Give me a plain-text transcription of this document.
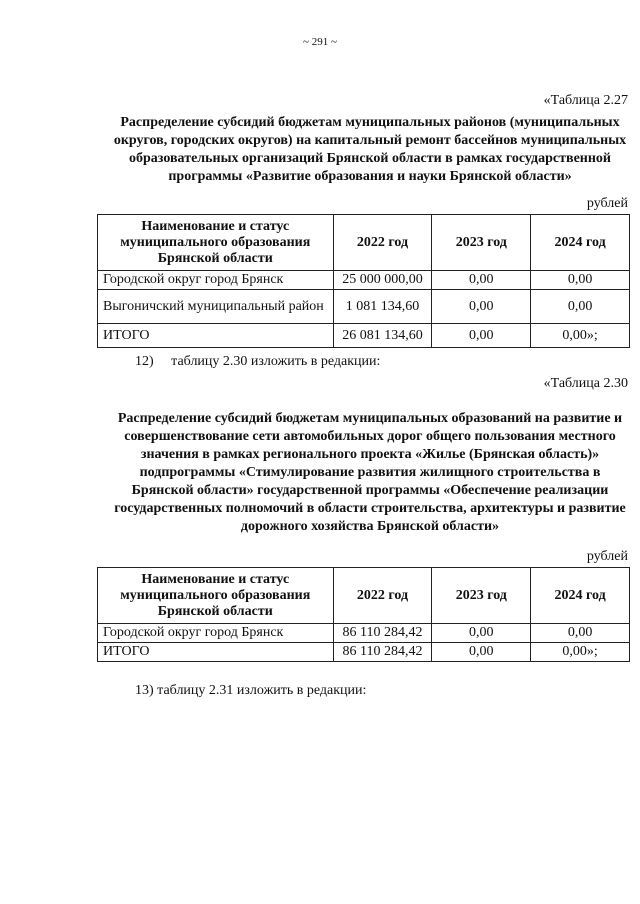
~ 291 ~
«Таблица 2.27
Распределение субсидий бюджетам муниципальных районов (муниципальных округов, городских округов) на капитальный ремонт бассейнов муниципальных образовательных организаций Брянской области в рамках государственной программы «Развитие образования и науки Брянской области»
рублей
Наименование и статус муниципального образования Брянской области	2022 год	2023 год	2024 год
Городской округ город Брянск	25 000 000,00	0,00	0,00
Выгоничский муниципальный район	1 081 134,60	0,00	0,00
ИТОГО	26 081 134,60	0,00	0,00»;
12)     таблицу 2.30 изложить в редакции:
«Таблица 2.30
Распределение субсидий бюджетам муниципальных образований на развитие и совершенствование сети автомобильных дорог общего пользования местного значения в рамках регионального проекта «Жилье (Брянская область)» подпрограммы «Стимулирование развития жилищного строительства в Брянской области» государственной программы «Обеспечение реализации государственных полномочий в области строительства, архитектуры и развитие дорожного хозяйства Брянской области»
рублей
Наименование и статус муниципального образования Брянской области	2022 год	2023 год	2024 год
Городской округ город Брянск	86 110 284,42	0,00	0,00
ИТОГО	86 110 284,42	0,00	0,00»;
13) таблицу 2.31 изложить в редакции:
